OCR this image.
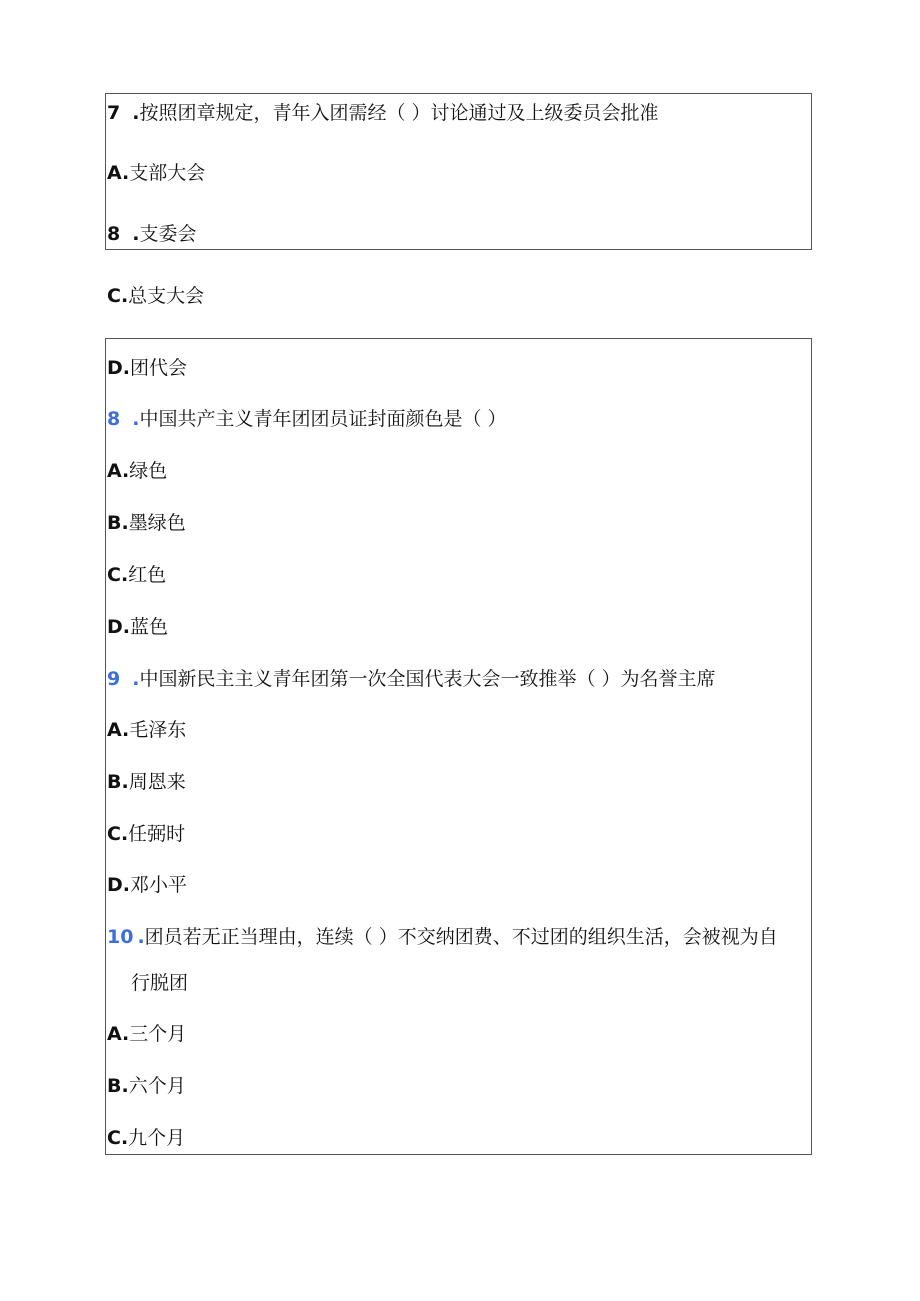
7 .按照团章规定，青年入团需经（ ）讨论通过及上级委员会批准
A.支部大会
8 .支委会
C.总支大会
D.团代会
8 .中国共产主义青年团团员证封面颜色是（ ）
A.绿色
B.墨绿色
C.红色
D.蓝色
9 .中国新民主主义青年团第一次全国代表大会一致推举（ ）为名誉主席
A.毛泽东
B.周恩来
C.任弼时
D.邓小平
10 .团员若无正当理由，连续（ ）不交纳团费、不过团的组织生活，会被视为自
行脱团
A.三个月
B.六个月
C.九个月
